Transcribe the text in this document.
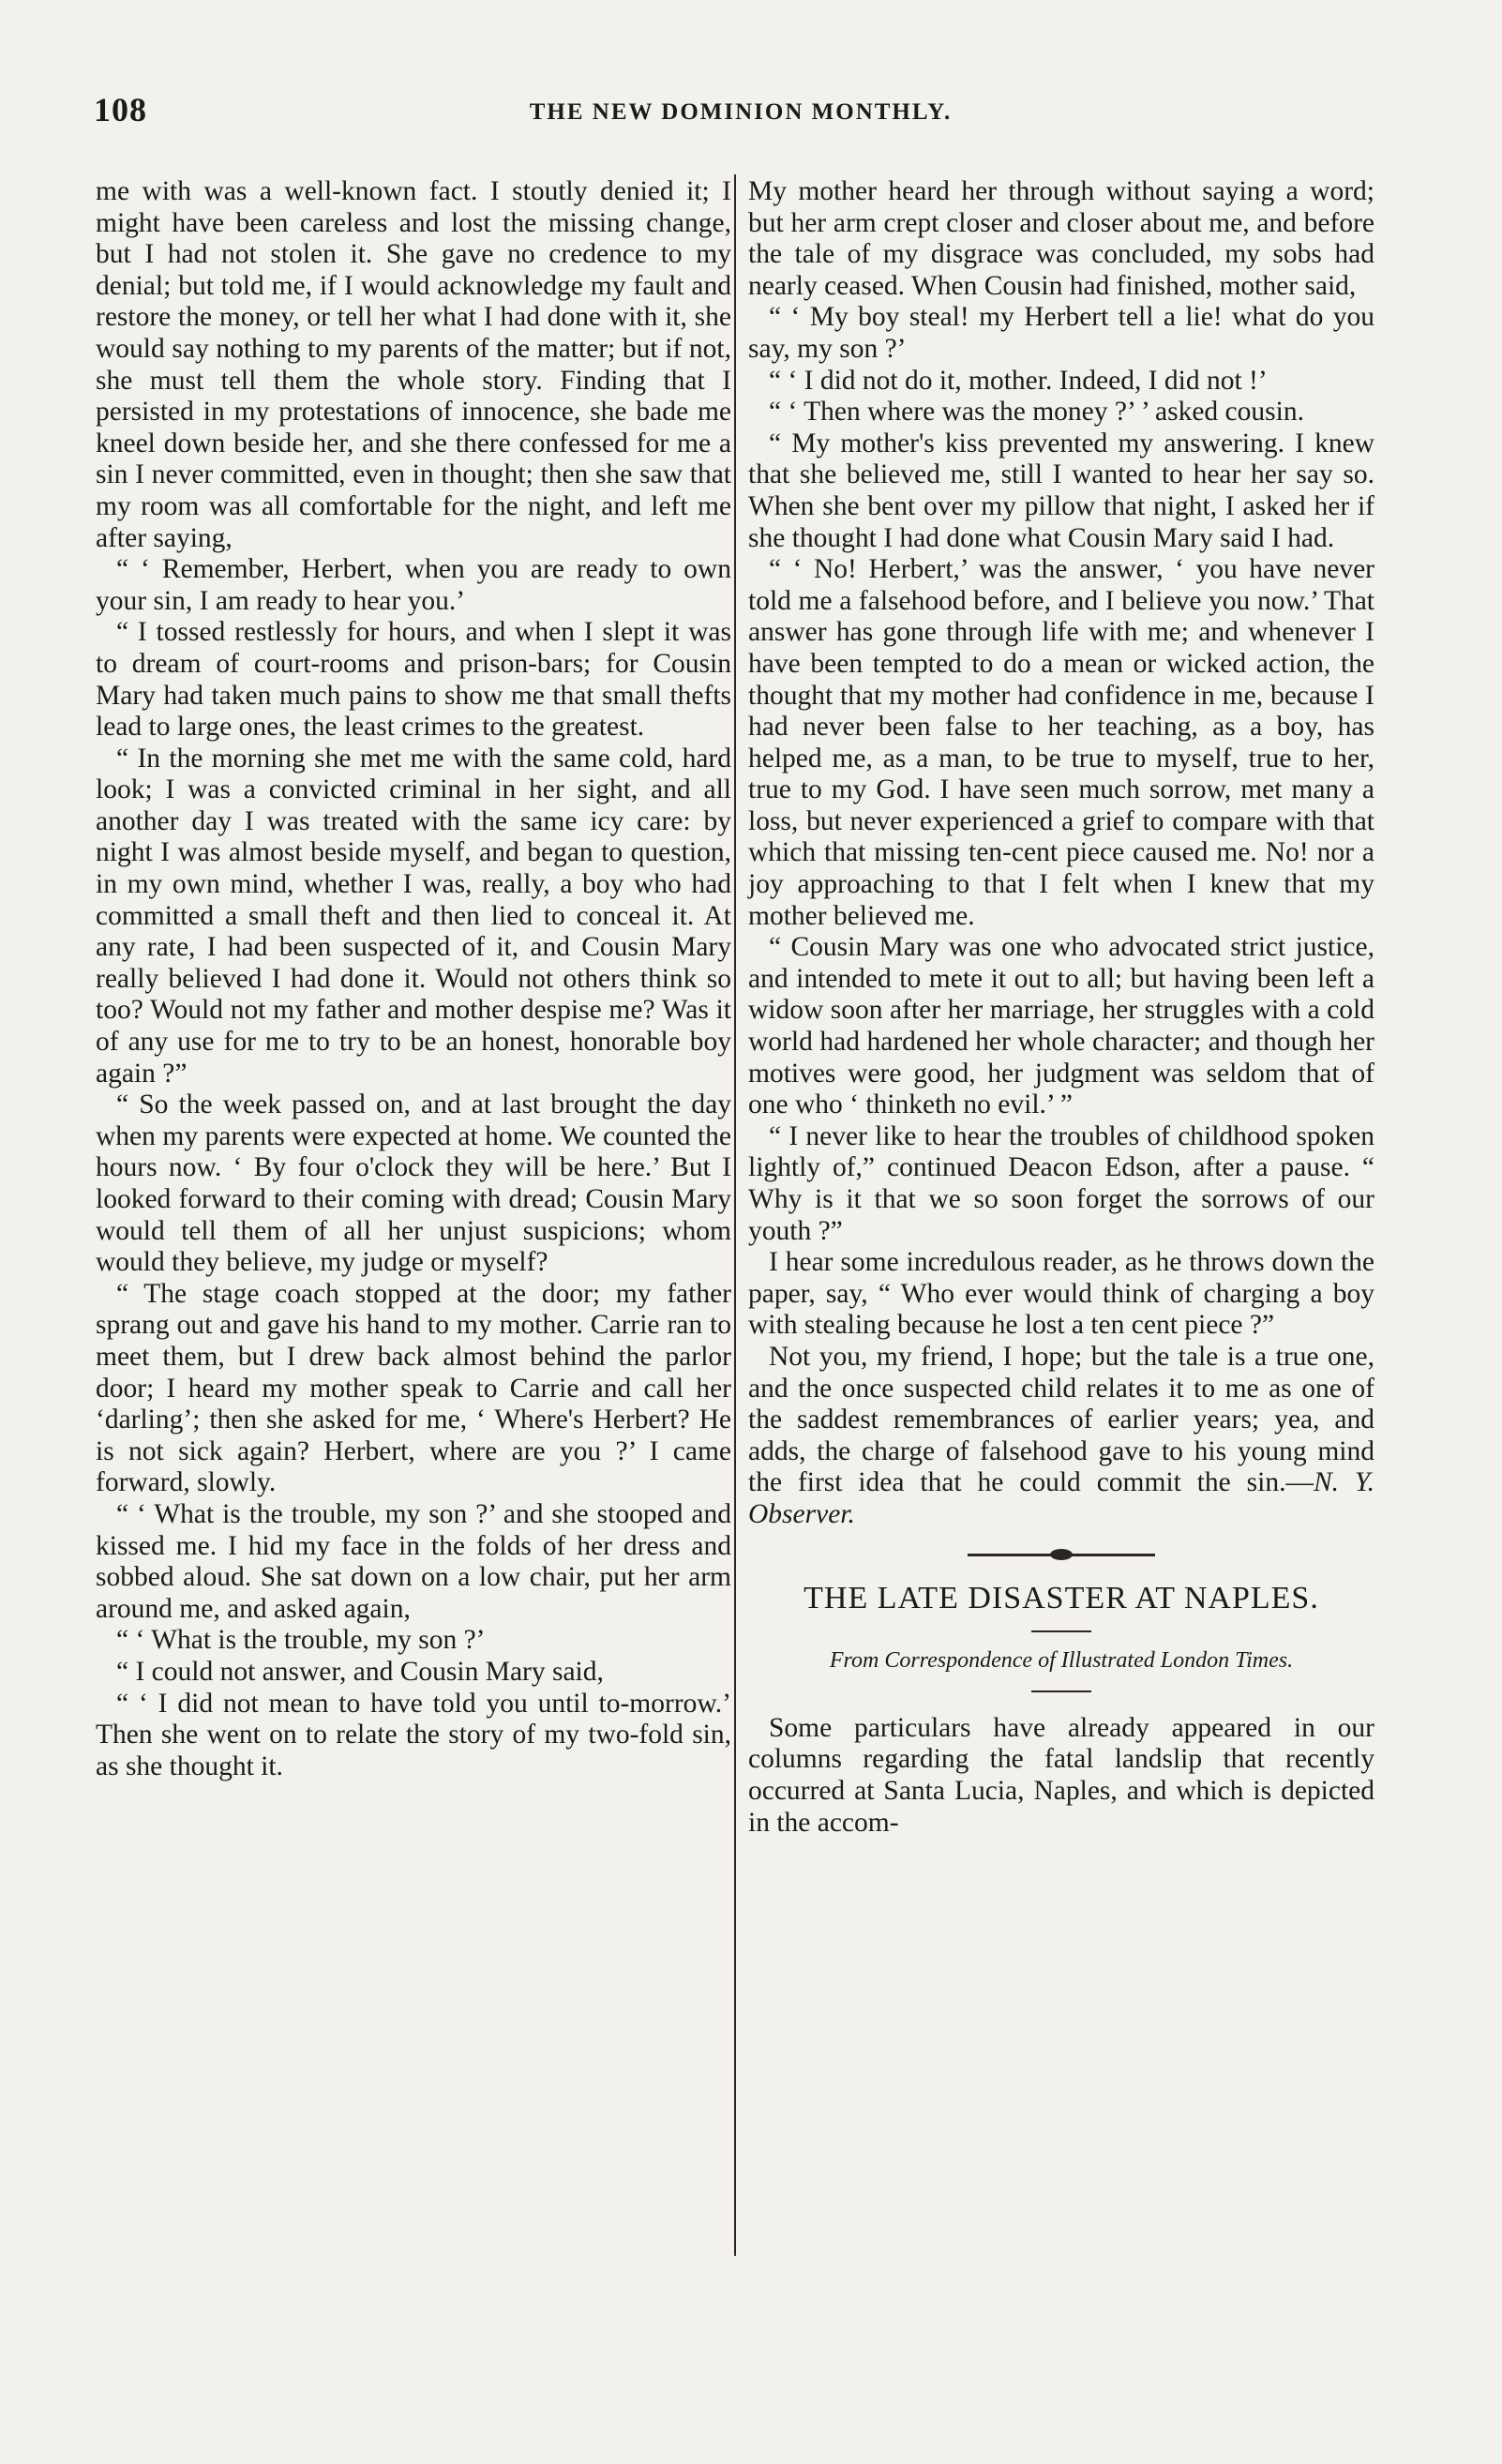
108	THE NEW DOMINION MONTHLY.

me with was a well-known fact. I stoutly denied it; I might have been careless and lost the missing change, but I had not stolen it. She gave no credence to my denial; but told me, if I would acknowledge my fault and restore the money, or tell her what I had done with it, she would say nothing to my parents of the matter; but if not, she must tell them the whole story. Finding that I persisted in my protestations of innocence, she bade me kneel down beside her, and she there confessed for me a sin I never committed, even in thought; then she saw that my room was all comfortable for the night, and left me after saying,

“ ‘ Remember, Herbert, when you are ready to own your sin, I am ready to hear you.’

“ I tossed restlessly for hours, and when I slept it was to dream of court-rooms and prison-bars; for Cousin Mary had taken much pains to show me that small thefts lead to large ones, the least crimes to the greatest.

“ In the morning she met me with the same cold, hard look; I was a convicted criminal in her sight, and all another day I was treated with the same icy care: by night I was almost beside myself, and began to question, in my own mind, whether I was, really, a boy who had committed a small theft and then lied to conceal it. At any rate, I had been suspected of it, and Cousin Mary really believed I had done it. Would not others think so too? Would not my father and mother despise me? Was it of any use for me to try to be an honest, honorable boy again ?”

“ So the week passed on, and at last brought the day when my parents were expected at home. We counted the hours now. ‘ By four o'clock they will be here.’ But I looked forward to their coming with dread; Cousin Mary would tell them of all her unjust suspicions; whom would they believe, my judge or myself?

“ The stage coach stopped at the door; my father sprang out and gave his hand to my mother. Carrie ran to meet them, but I drew back almost behind the parlor door; I heard my mother speak to Carrie and call her ‘darling’; then she asked for me, ‘ Where's Herbert? He is not sick again? Herbert, where are you ?’ I came forward, slowly.

“ ‘ What is the trouble, my son ?’ and she stooped and kissed me. I hid my face in the folds of her dress and sobbed aloud. She sat down on a low chair, put her arm around me, and asked again,

“ ‘ What is the trouble, my son ?’

“ I could not answer, and Cousin Mary said,

“ ‘ I did not mean to have told you until to-morrow.’ Then she went on to relate the story of my two-fold sin, as she thought it.

My mother heard her through without saying a word; but her arm crept closer and closer about me, and before the tale of my disgrace was concluded, my sobs had nearly ceased. When Cousin had finished, mother said,

“ ‘ My boy steal! my Herbert tell a lie! what do you say, my son ?’

“ ‘ I did not do it, mother. Indeed, I did not !’

“ ‘ Then where was the money ?’ ’ asked cousin.

“ My mother's kiss prevented my answering. I knew that she believed me, still I wanted to hear her say so. When she bent over my pillow that night, I asked her if she thought I had done what Cousin Mary said I had.

“ ‘ No! Herbert,’ was the answer, ‘ you have never told me a falsehood before, and I believe you now.’ That answer has gone through life with me; and whenever I have been tempted to do a mean or wicked action, the thought that my mother had confidence in me, because I had never been false to her teaching, as a boy, has helped me, as a man, to be true to myself, true to her, true to my God. I have seen much sorrow, met many a loss, but never experienced a grief to compare with that which that missing ten-cent piece caused me. No! nor a joy approaching to that I felt when I knew that my mother believed me.

“ Cousin Mary was one who advocated strict justice, and intended to mete it out to all; but having been left a widow soon after her marriage, her struggles with a cold world had hardened her whole character; and though her motives were good, her judgment was seldom that of one who ‘ thinketh no evil.’ ”

“ I never like to hear the troubles of childhood spoken lightly of,” continued Deacon Edson, after a pause. “ Why is it that we so soon forget the sorrows of our youth ?”

I hear some incredulous reader, as he throws down the paper, say, “ Who ever would think of charging a boy with stealing because he lost a ten cent piece ?”

Not you, my friend, I hope; but the tale is a true one, and the once suspected child relates it to me as one of the saddest remembrances of earlier years; yea, and adds, the charge of falsehood gave to his young mind the first idea that he could commit the sin.—N. Y. Observer.

THE LATE DISASTER AT NAPLES.
From Correspondence of Illustrated London Times.

Some particulars have already appeared in our columns regarding the fatal landslip that recently occurred at Santa Lucia, Naples, and which is depicted in the accom-
